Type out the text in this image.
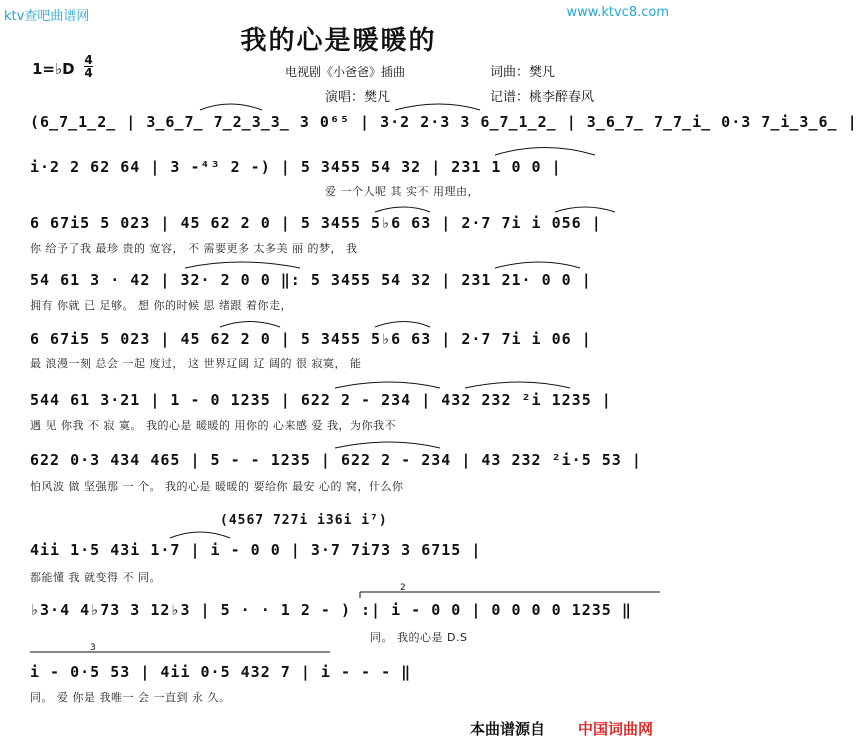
ktv查吧曲谱网	www.ktvc8.com
我的心是暖暖的
1=♭D 4
4	电视剧《小爸爸》插曲	词曲：樊凡
演唱：樊凡	记谱：桃李醉春风
(6̲7̲1̲2̲ | 3̲6̲7̲ 7̲2̲3̲3̲ 3 0⁶⁵ | 3·2 2·3 3 6̲7̲1̲2̲ | 3̲6̲7̲ 7̲7̲i̲ 0·3 7̲i̲3̲6̲ |
i·2 2 62 64 | 3 -⁴³ 2 -) | 5 3455 54 32 | 231 1 0 0 |
爱 一个人呢 其 实不 用理由，
6 67i5 5 023 | 45 62 2 0 | 5 3455 5♭6 63 | 2·7 7i i 056 |
你 给予了我 最珍 贵的 宽容， 不 需要更多 太多美 丽 的梦， 我
54 61 3 · 42 | 32· 2 0 0 ‖: 5 3455 54 32 | 231 21· 0 0 |
拥有 你就 已 足够。 想 你的时候 思 绪跟 着你走，
6 67i5 5 023 | 45 62 2 0 | 5 3455 5♭6 63 | 2·7 7i i 06 |
最 浪漫一刻 总会 一起 度过， 这 世界辽阔 辽 阔的 很 寂寞， 能
544 61 3·21 | 1 - 0 1235 | 622 2 - 234 | 432 232 ²i 1235 |
遇 见 你我 不 寂 寞。 我的心是 暖暖的 用你的 心来感 爱 我，为你我不
622 0·3 434 465 | 5 - - 1235 | 622 2 - 234 | 43 232 ²i·5 53 |
怕风波 做 坚强那 一 个。 我的心是 暖暖的 要给你 最安 心的 窝，什么你
(4567 727i i36i i⁷)
4ii 1·5 43i 1·7 | i - 0 0 | 3·7 7i73 3 6715 |
都能懂 我 就变得 不 同。
♭3·4 4♭73 3 12♭3 | 5 · · 1 2 - ) :| i - 0 0 | 0 0 0 0 1235 ‖
同。 我的心是 D.S
i - 0·5 53 | 4ii 0·5 432 7 | i - - - ‖
同。 爱 你是 我唯一 会 一直到 永 久。
2
3
本曲谱源自 中国词曲网
